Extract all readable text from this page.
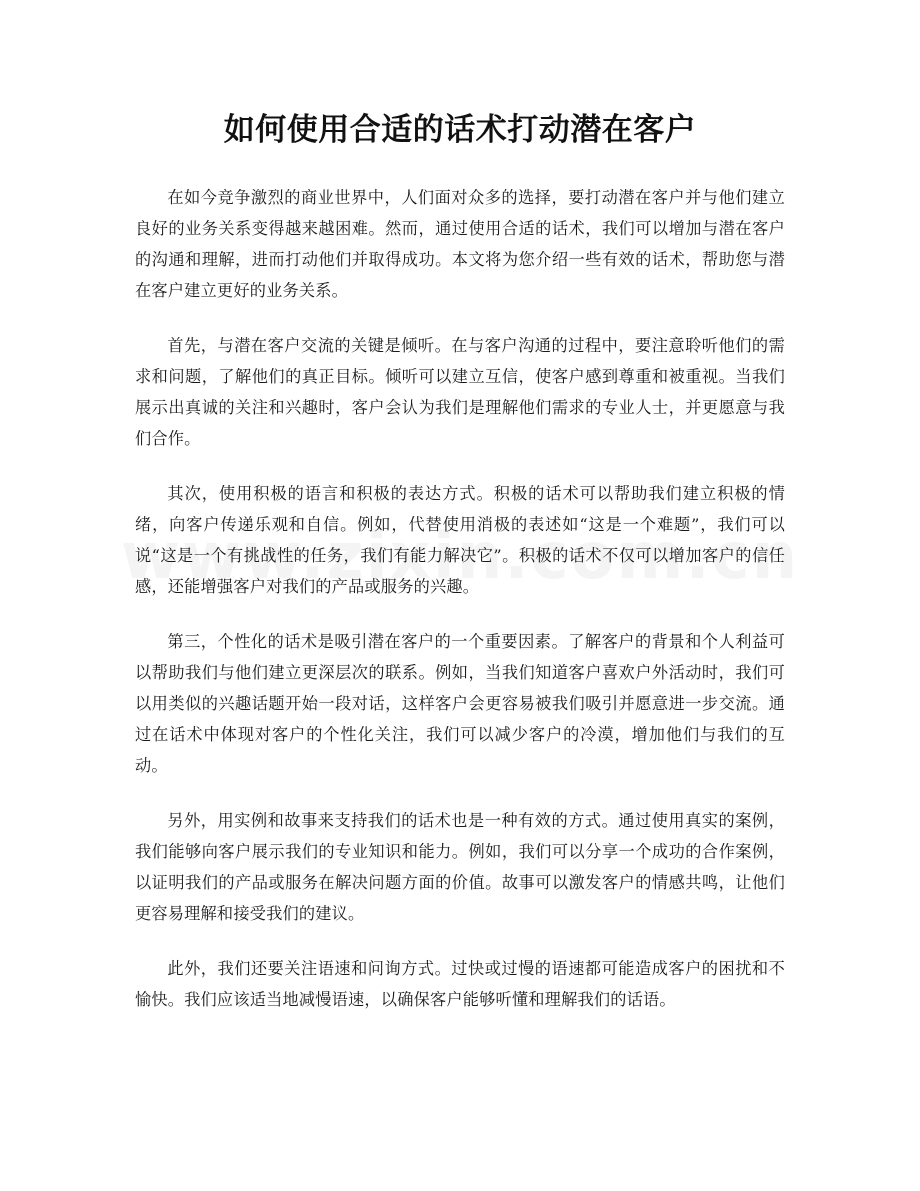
如何使用合适的话术打动潜在客户

在如今竞争激烈的商业世界中，人们面对众多的选择，要打动潜在客户并与他们建立良好的业务关系变得越来越困难。然而，通过使用合适的话术，我们可以增加与潜在客户的沟通和理解，进而打动他们并取得成功。本文将为您介绍一些有效的话术，帮助您与潜在客户建立更好的业务关系。

首先，与潜在客户交流的关键是倾听。在与客户沟通的过程中，要注意聆听他们的需求和问题，了解他们的真正目标。倾听可以建立互信，使客户感到尊重和被重视。当我们展示出真诚的关注和兴趣时，客户会认为我们是理解他们需求的专业人士，并更愿意与我们合作。

其次，使用积极的语言和积极的表达方式。积极的话术可以帮助我们建立积极的情绪，向客户传递乐观和自信。例如，代替使用消极的表述如“这是一个难题”，我们可以说“这是一个有挑战性的任务，我们有能力解决它”。积极的话术不仅可以增加客户的信任感，还能增强客户对我们的产品或服务的兴趣。

第三，个性化的话术是吸引潜在客户的一个重要因素。了解客户的背景和个人利益可以帮助我们与他们建立更深层次的联系。例如，当我们知道客户喜欢户外活动时，我们可以用类似的兴趣话题开始一段对话，这样客户会更容易被我们吸引并愿意进一步交流。通过在话术中体现对客户的个性化关注，我们可以减少客户的冷漠，增加他们与我们的互动。

另外，用实例和故事来支持我们的话术也是一种有效的方式。通过使用真实的案例，我们能够向客户展示我们的专业知识和能力。例如，我们可以分享一个成功的合作案例，以证明我们的产品或服务在解决问题方面的价值。故事可以激发客户的情感共鸣，让他们更容易理解和接受我们的建议。

此外，我们还要关注语速和问询方式。过快或过慢的语速都可能造成客户的困扰和不愉快。我们应该适当地减慢语速，以确保客户能够听懂和理解我们的话语。
